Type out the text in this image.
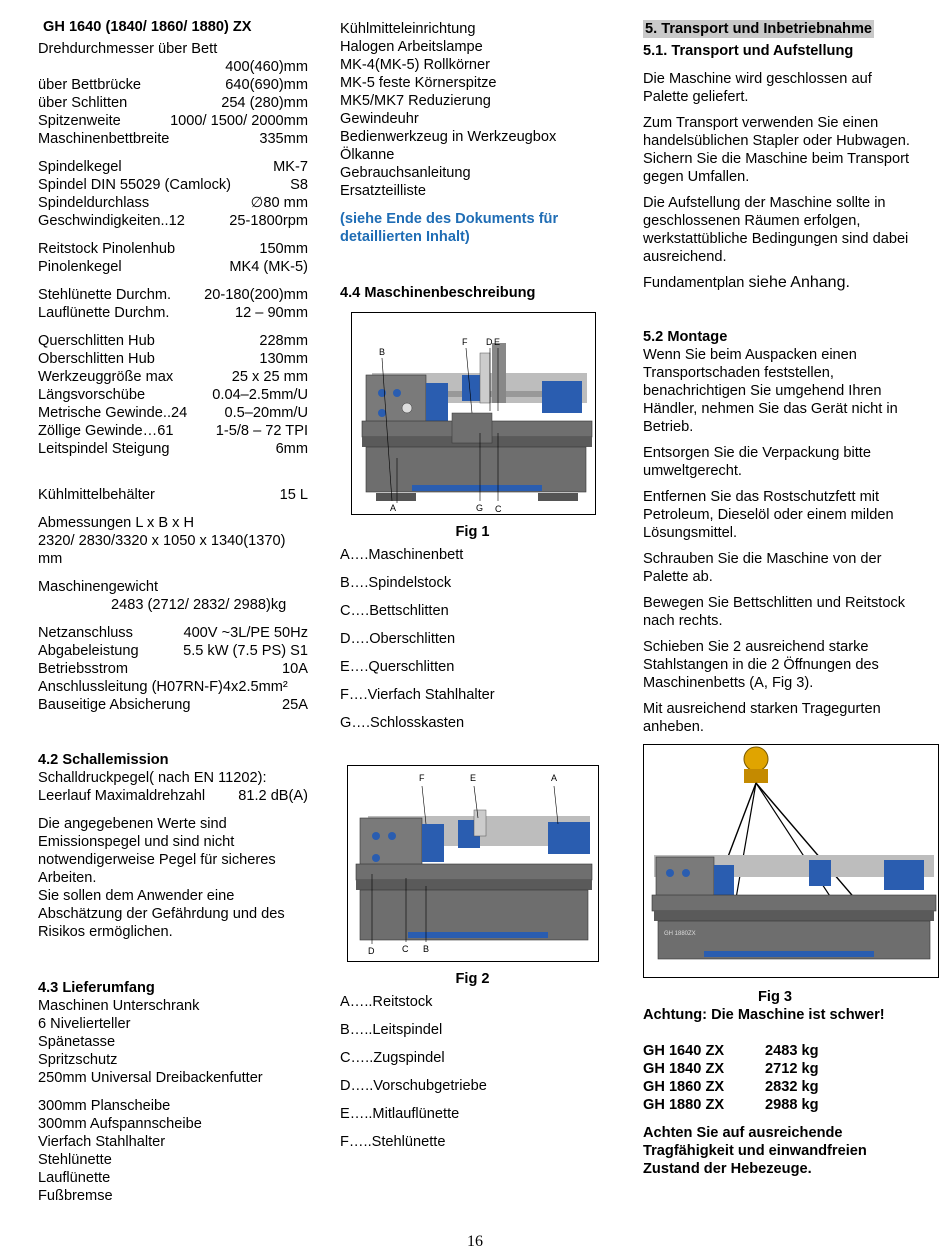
GH 1640 (1840/ 1860/ 1880) ZX
Drehdurchmesser über Bett
400(460)mm
über Bettbrücke	640(690)mm
über Schlitten	254 (280)mm
Spitzenweite	1000/ 1500/ 2000mm
Maschinenbettbreite	335mm
Spindelkegel	MK-7
Spindel DIN 55029 (Camlock)	S8
Spindeldurchlass	∅80 mm
Geschwindigkeiten..12	25-1800rpm
Reitstock Pinolenhub	150mm
Pinolenkegel	MK4 (MK-5)
Stehlünette Durchm. 20-180(200)mm
Lauflünette Durchm.	12 – 90mm
Querschlitten Hub	228mm
Oberschlitten Hub	130mm
Werkzeuggröße max	25 x 25 mm
Längsvorschübe	0.04–2.5mm/U
Metrische Gewinde..24	0.5–20mm/U
Zöllige Gewinde…61	1-5/8 – 72 TPI
Leitspindel Steigung	6mm
Kühlmittelbehälter	15 L
Abmessungen L x B x H
2320/ 2830/3320 x 1050 x 1340(1370) mm
Maschinengewicht
2483 (2712/ 2832/ 2988)kg
Netzanschluss	400V ~3L/PE 50Hz
Abgabeleistung	5.5 kW (7.5 PS) S1
Betriebsstrom	10A
Anschlussleitung (H07RN-F)4x2.5mm²
Bauseitige Absicherung	25A
4.2 Schallemission
Schalldruckpegel( nach EN 11202):
Leerlauf Maximaldrehzahl 81.2 dB(A)
Die angegebenen Werte sind Emissionspegel und sind nicht notwendigerweise Pegel für sicheres Arbeiten.
Sie sollen dem Anwender eine Abschätzung der Gefährdung und des Risikos ermöglichen.
4.3 Lieferumfang
Maschinen Unterschrank
6 Nivelierteller
Spänetasse
Spritzschutz
250mm Universal Dreibackenfutter
300mm Planscheibe
300mm Aufspannscheibe
Vierfach Stahlhalter
Stehlünette
Lauflünette
Fußbremse
Kühlmitteleinrichtung
Halogen Arbeitslampe
MK-4(MK-5) Rollkörner
MK-5 feste Körnerspitze
MK5/MK7 Reduzierung
Gewindeuhr
Bedienwerkzeug in Werkzeugbox
Ölkanne
Gebrauchsanleitung
Ersatzteilliste
(siehe Ende des Dokuments für detaillierten Inhalt)
4.4 Maschinenbeschreibung
B
F D E
A	G C
Fig 1
A….Maschinenbett
B….Spindelstock
C….Bettschlitten
D….Oberschlitten
E….Querschlitten
F….Vierfach Stahlhalter
G….Schlosskasten
F	E	A
D	C B
Fig 2
A…..Reitstock
B…..Leitspindel
C…..Zugspindel
D…..Vorschubgetriebe
E…..Mitlauflünette
F…..Stehlünette
5. Transport und Inbetriebnahme
5.1. Transport und Aufstellung

Die Maschine wird geschlossen auf Palette geliefert.

Zum Transport verwenden Sie einen handelsüblichen Stapler oder Hubwagen. Sichern Sie die Maschine beim Transport gegen Umfallen.

Die Aufstellung der Maschine sollte in geschlossenen Räumen erfolgen, werkstattübliche Bedingungen sind dabei ausreichend.

Fundamentplan siehe Anhang.

5.2 Montage

Wenn Sie beim Auspacken einen Transportschaden feststellen, benachrichtigen Sie umgehend Ihren Händler, nehmen Sie das Gerät nicht in Betrieb.

Entsorgen Sie die Verpackung bitte umweltgerecht.

Entfernen Sie das Rostschutzfett mit Petroleum, Dieselöl oder einem milden Lösungsmittel.

Schrauben Sie die Maschine von der Palette ab.

Bewegen Sie Bettschlitten und Reitstock nach rechts.

Schieben Sie 2 ausreichend starke Stahlstangen in die 2 Öffnungen des Maschinenbetts (A, Fig 3).

Mit ausreichend starken Tragegurten anheben.

GH 1880ZX
Fig 3
Achtung: Die Maschine ist schwer!
GH 1640 ZX	2483 kg
GH 1840 ZX	2712 kg
GH 1860 ZX	2832 kg
GH 1880 ZX	2988 kg
Achten Sie auf ausreichende Tragfähigkeit und einwandfreien Zustand der Hebezeuge.
16
